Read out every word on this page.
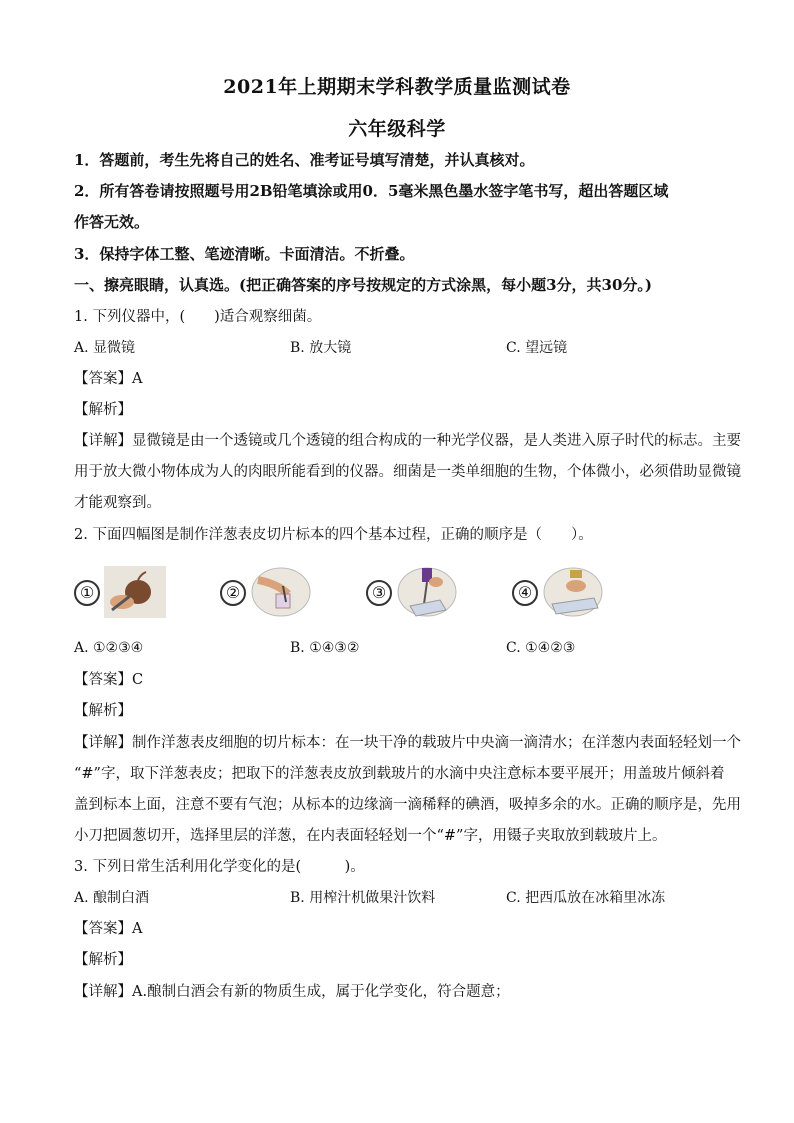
2021年上期期末学科教学质量监测试卷
六年级科学
1．答题前，考生先将自己的姓名、准考证号填写清楚，并认真核对。
2．所有答卷请按照题号用2B铅笔填涂或用0．5毫米黑色墨水签字笔书写，超出答题区域
作答无效。
3．保持字体工整、笔迹清晰。卡面清洁。不折叠。
一、擦亮眼睛，认真选。(把正确答案的序号按规定的方式涂黑，每小题3分，共30分。)
1. 下列仪器中，(　　)适合观察细菌。
A. 显微镜	B. 放大镜	C. 望远镜
【答案】A
【解析】
【详解】显微镜是由一个透镜或几个透镜的组合构成的一种光学仪器，是人类进入原子时代的标志。主要
用于放大微小物体成为人的肉眼所能看到的仪器。细菌是一类单细胞的生物，个体微小，必须借助显微镜
才能观察到。
2. 下面四幅图是制作洋葱表皮切片标本的四个基本过程，正确的顺序是（　　）。
①	②	③	④
A. ①②③④	B. ①④③②	C. ①④②③
【答案】C
【解析】
【详解】制作洋葱表皮细胞的切片标本：在一块干净的载玻片中央滴一滴清水；在洋葱内表面轻轻划一个
“#”字，取下洋葱表皮；把取下的洋葱表皮放到载玻片的水滴中央注意标本要平展开；用盖玻片倾斜着
盖到标本上面，注意不要有气泡；从标本的边缘滴一滴稀释的碘酒，吸掉多余的水。正确的顺序是，先用
小刀把圆葱切开，选择里层的洋葱，在内表面轻轻划一个“#”字，用镊子夹取放到载玻片上。
3. 下列日常生活利用化学变化的是(　　　)。
A. 酿制白酒	B. 用榨汁机做果汁饮料	C. 把西瓜放在冰箱里冰冻
【答案】A
【解析】
【详解】A.酿制白酒会有新的物质生成，属于化学变化，符合题意；
